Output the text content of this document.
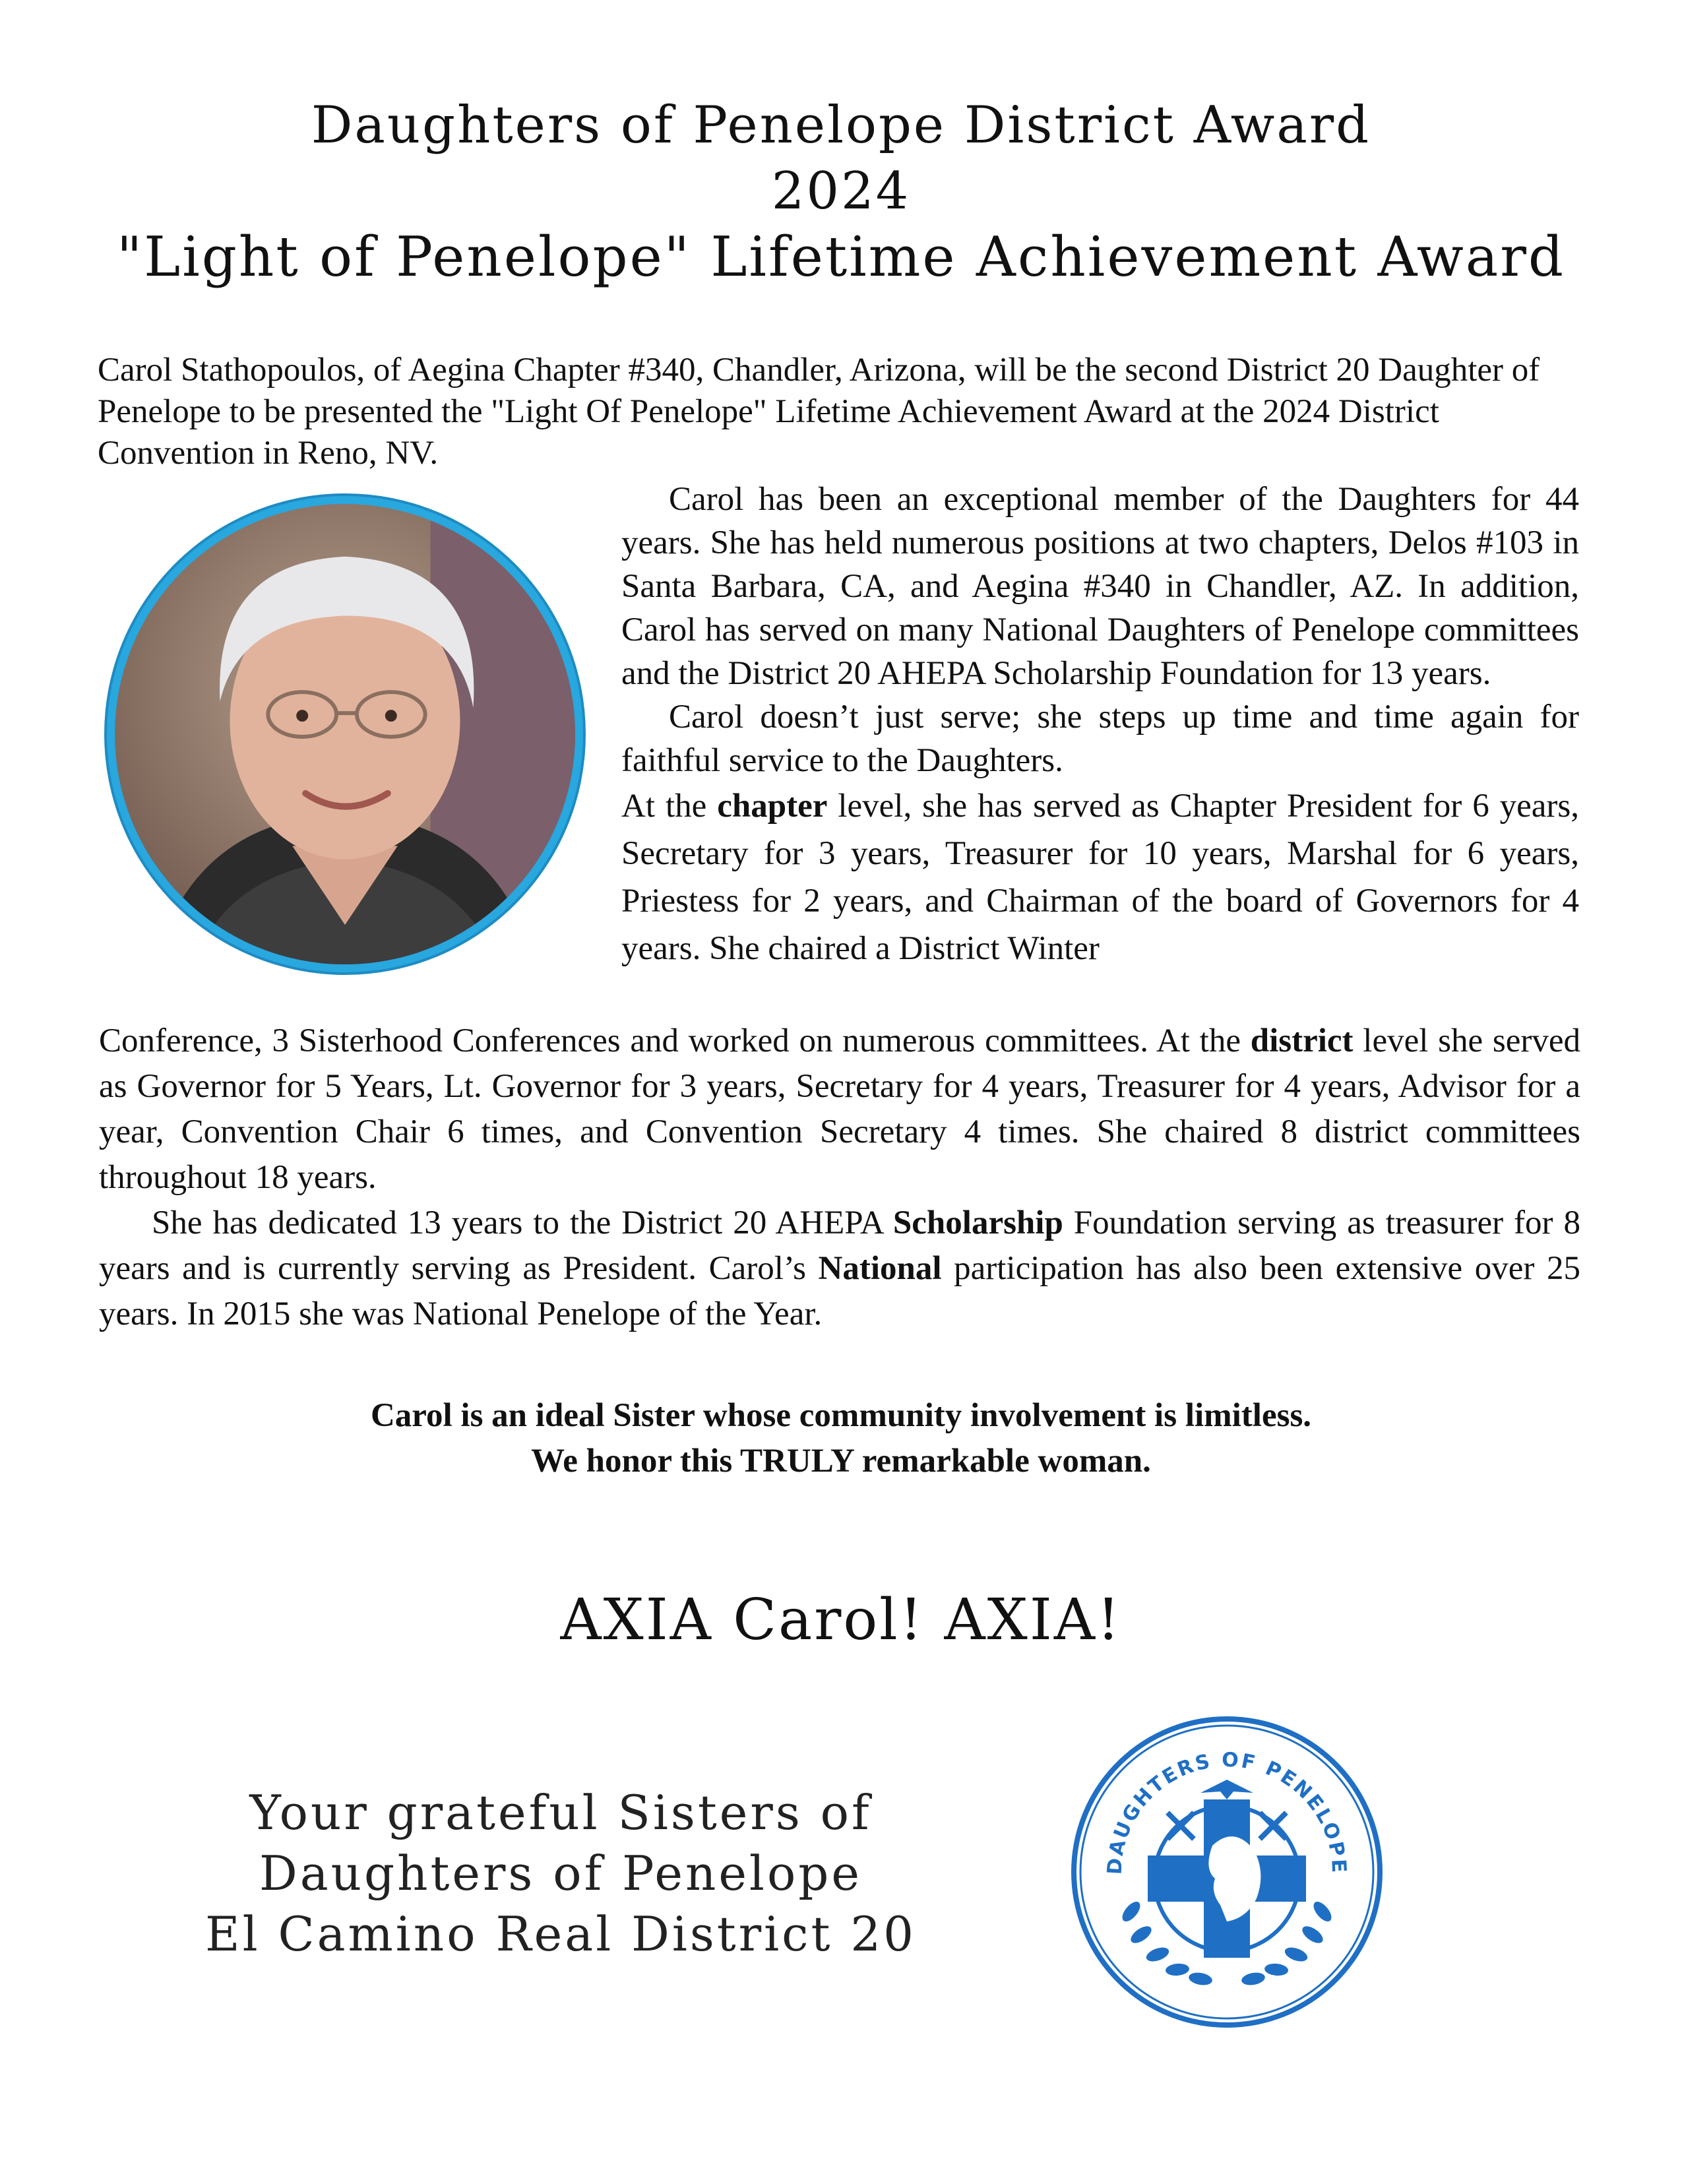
Daughters of Penelope District Award
2024
"Light of Penelope" Lifetime Achievement Award

Carol Stathopoulos, of Aegina Chapter #340, Chandler, Arizona, will be the second District 20 Daughter of Penelope to be presented the "Light Of Penelope" Lifetime Achievement Award at the 2024 District Convention in Reno, NV.

Carol has been an exceptional member of the Daughters for 44 years. She has held numerous positions at two chapters, Delos #103 in Santa Barbara, CA, and Aegina #340 in Chandler, AZ. In addition, Carol has served on many National Daughters of Penelope committees and the District 20 AHEPA Scholarship Foundation for 13 years.

Carol doesn’t just serve; she steps up time and time again for faithful service to the Daughters.

At the chapter level, she has served as Chapter President for 6 years, Secretary for 3 years, Treasurer for 10 years, Marshal for 6 years, Priestess for 2 years, and Chairman of the board of Governors for 4 years. She chaired a District Winter

Conference, 3 Sisterhood Conferences and worked on numerous committees. At the district level she served as Governor for 5 Years, Lt. Governor for 3 years, Secretary for 4 years, Treasurer for 4 years, Advisor for a year, Convention Chair 6 times, and Convention Secretary 4 times. She chaired 8 district committees throughout 18 years.

She has dedicated 13 years to the District 20 AHEPA Scholarship Foundation serving as treasurer for 8 years and is currently serving as President. Carol’s National participation has also been extensive over 25 years. In 2015 she was National Penelope of the Year.

Carol is an ideal Sister whose community involvement is limitless.
We honor this TRULY remarkable woman.
AXIA Carol! AXIA!
Your grateful Sisters of
Daughters of Penelope
El Camino Real District 20
DAUGHTERS OF PENELOPE
Θ	Π
